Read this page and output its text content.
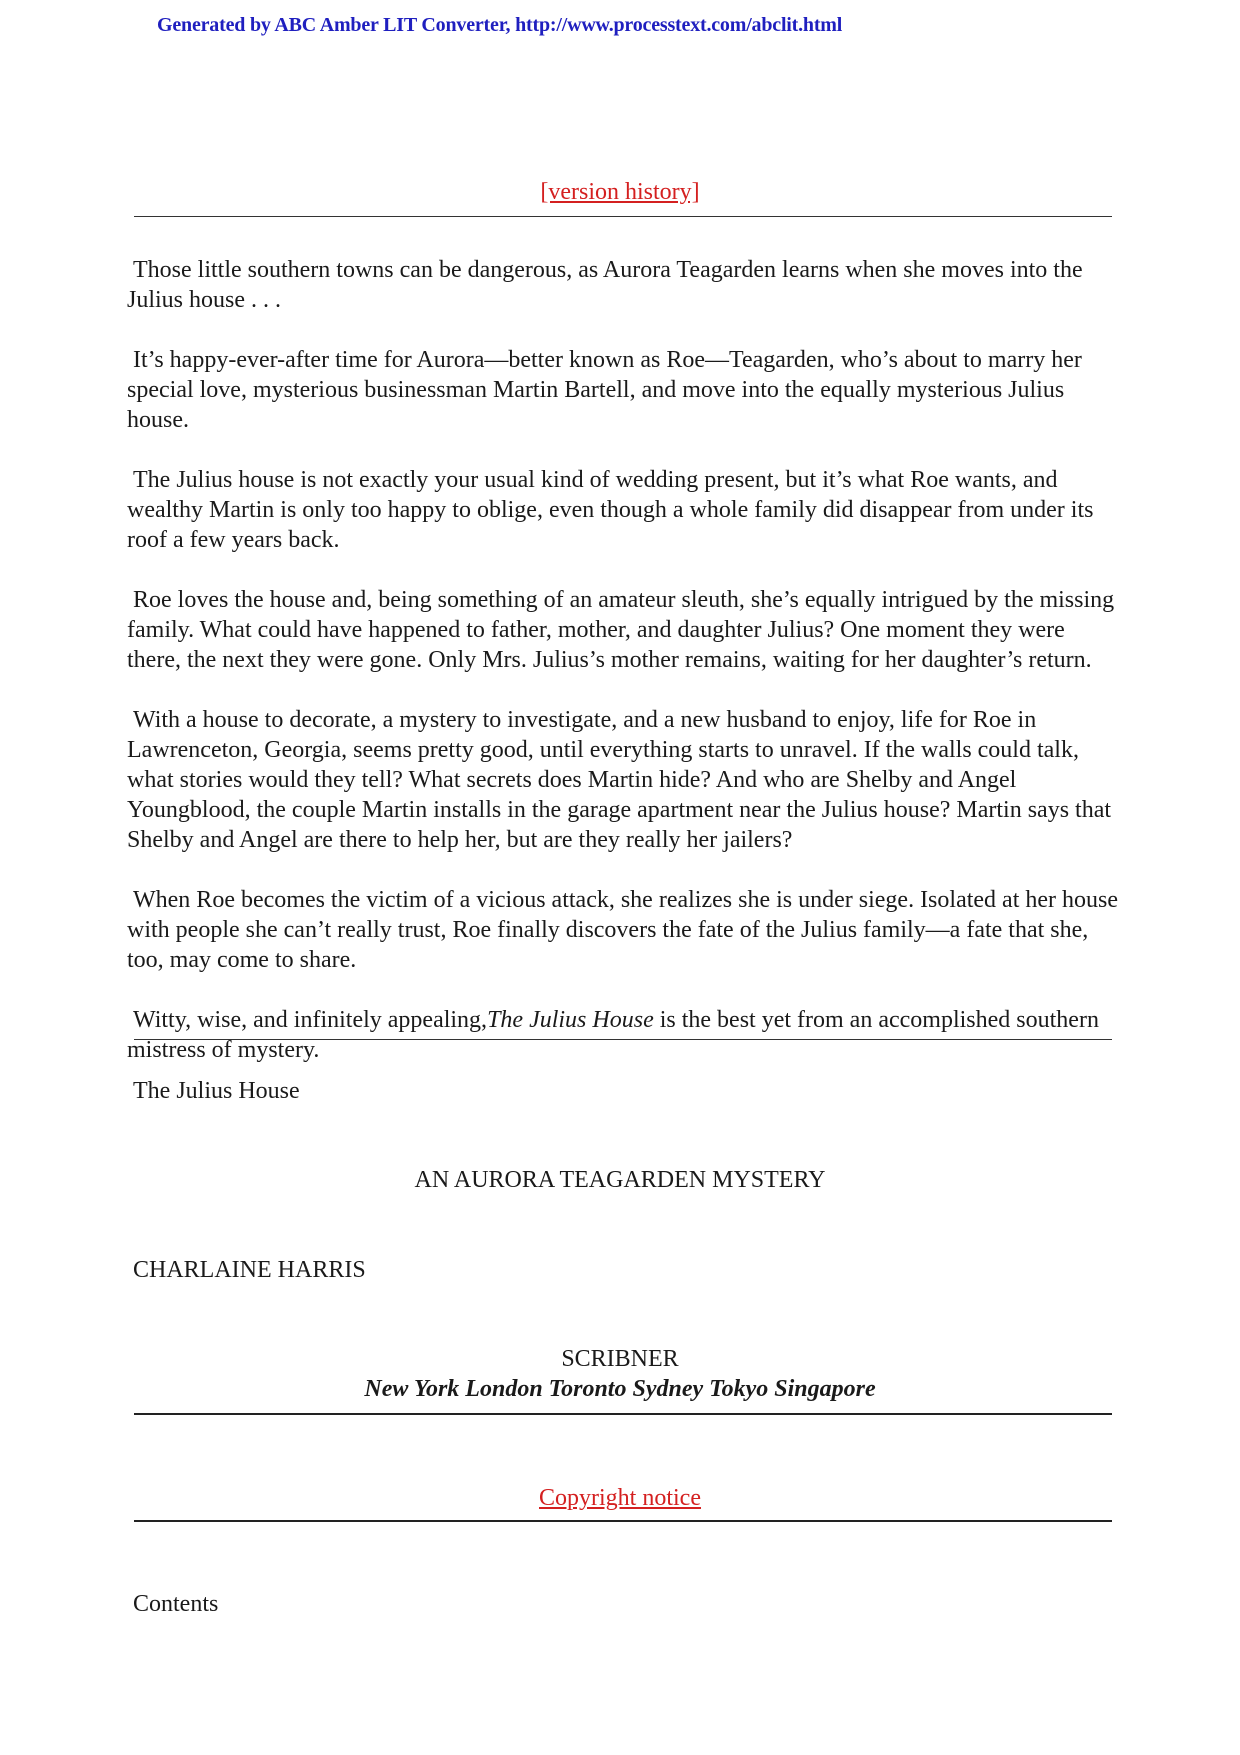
Generated by ABC Amber LIT Converter, http://www.processtext.com/abclit.html
[version history]

Those little southern towns can be dangerous, as Aurora Teagarden learns when she moves into the Julius house . . .

It’s happy-ever-after time for Aurora—better known as Roe—Teagarden, who’s about to marry her special love, mysterious businessman Martin Bartell, and move into the equally mysterious Julius house.

The Julius house is not exactly your usual kind of wedding present, but it’s what Roe wants, and wealthy Martin is only too happy to oblige, even though a whole family did disappear from under its roof a few years back.

Roe loves the house and, being something of an amateur sleuth, she’s equally intrigued by the missing family. What could have happened to father, mother, and daughter Julius? One moment they were there, the next they were gone. Only Mrs. Julius’s mother remains, waiting for her daughter’s return.

With a house to decorate, a mystery to investigate, and a new husband to enjoy, life for Roe in Lawrenceton, Georgia, seems pretty good, until everything starts to unravel. If the walls could talk, what stories would they tell? What secrets does Martin hide? And who are Shelby and Angel Youngblood, the couple Martin installs in the garage apartment near the Julius house? Martin says that Shelby and Angel are there to help her, but are they really her jailers?

When Roe becomes the victim of a vicious attack, she realizes she is under siege. Isolated at her house with people she can’t really trust, Roe finally discovers the fate of the Julius family—a fate that she, too, may come to share.

Witty, wise, and infinitely appealing,The Julius House is the best yet from an accomplished southern mistress of mystery.

The Julius House
AN AURORA TEAGARDEN MYSTERY
CHARLAINE HARRIS
SCRIBNER
New York London Toronto Sydney Tokyo Singapore
Copyright notice
Contents
